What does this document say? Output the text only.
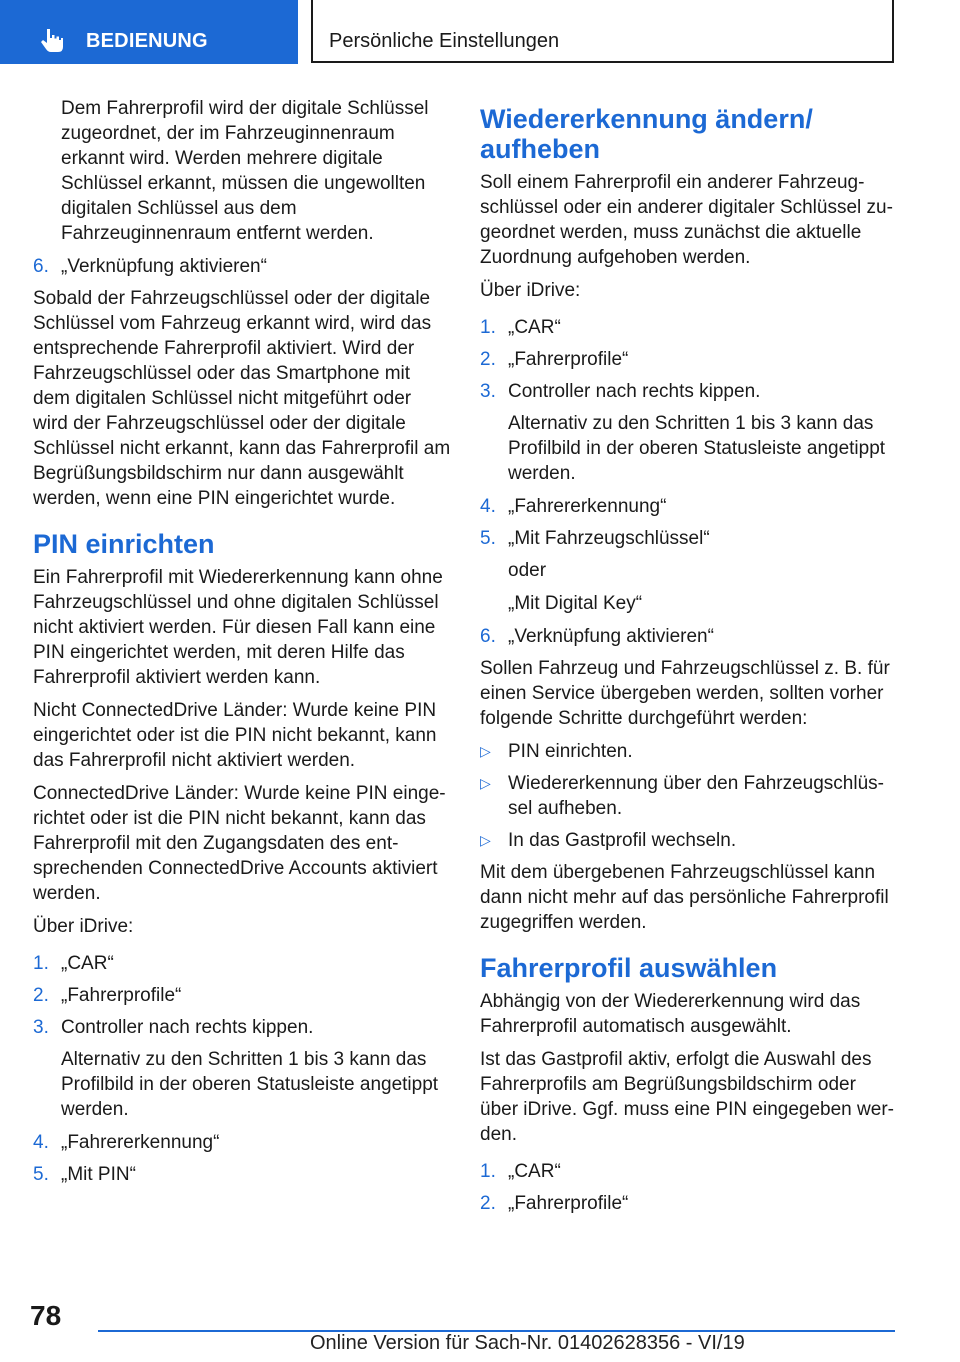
BEDIENUNG	Persönliche Einstellungen

Dem Fahrerprofil wird der digitale Schlüssel zugeordnet, der im Fahrzeuginnenraum erkannt wird. Werden mehrere digitale Schlüssel erkannt, müssen die ungewollten digitalen Schlüssel aus dem Fahrzeuginnenraum entfernt werden.

6. „Verknüpfung aktivieren“

Sobald der Fahrzeugschlüssel oder der digitale Schlüssel vom Fahrzeug erkannt wird, wird das entsprechende Fahrerprofil aktiviert. Wird der Fahrzeugschlüssel oder das Smartphone mit dem digitalen Schlüssel nicht mitgeführt oder wird der Fahrzeugschlüssel oder der digitale Schlüssel nicht erkannt, kann das Fahrerprofil am Begrüßungsbildschirm nur dann ausgewählt werden, wenn eine PIN eingerichtet wurde.

PIN einrichten

Ein Fahrerprofil mit Wiedererkennung kann ohne Fahrzeugschlüssel und ohne digitalen Schlüssel nicht aktiviert werden. Für diesen Fall kann eine PIN eingerichtet werden, mit deren Hilfe das Fahrerprofil aktiviert werden kann.

Nicht ConnectedDrive Länder: Wurde keine PIN eingerichtet oder ist die PIN nicht bekannt, kann das Fahrerprofil nicht aktiviert werden.

ConnectedDrive Länder: Wurde keine PIN eingerichtet oder ist die PIN nicht bekannt, kann das Fahrerprofil mit den Zugangsdaten des entsprechenden ConnectedDrive Accounts aktiviert werden.

Über iDrive:

1. „CAR“
2. „Fahrerprofile“
3. Controller nach rechts kippen.

Alternativ zu den Schritten 1 bis 3 kann das Profilbild in der oberen Statusleiste angetippt werden.

4. „Fahrererkennung“
5. „Mit PIN“
Wiedererkennung ändern/ aufheben

Soll einem Fahrerprofil ein anderer Fahrzeugschlüssel oder ein anderer digitaler Schlüssel zugeordnet werden, muss zunächst die aktuelle Zuordnung aufgehoben werden.

Über iDrive:

1. „CAR“
2. „Fahrerprofile“
3. Controller nach rechts kippen.

Alternativ zu den Schritten 1 bis 3 kann das Profilbild in der oberen Statusleiste angetippt werden.

4. „Fahrererkennung“
5. „Mit Fahrzeugschlüssel“

oder

„Mit Digital Key“

6. „Verknüpfung aktivieren“

Sollen Fahrzeug und Fahrzeugschlüssel z. B. für einen Service übergeben werden, sollten vorher folgende Schritte durchgeführt werden:

▷ PIN einrichten.
▷ Wiedererkennung über den Fahrzeugschlüssel aufheben.
▷ In das Gastprofil wechseln.

Mit dem übergebenen Fahrzeugschlüssel kann dann nicht mehr auf das persönliche Fahrerprofil zugegriffen werden.

Fahrerprofil auswählen

Abhängig von der Wiedererkennung wird das Fahrerprofil automatisch ausgewählt.

Ist das Gastprofil aktiv, erfolgt die Auswahl des Fahrerprofils am Begrüßungsbildschirm oder über iDrive. Ggf. muss eine PIN eingegeben werden.

1. „CAR“
2. „Fahrerprofile“
78
Online Version für Sach-Nr. 01402628356 - VI/19
